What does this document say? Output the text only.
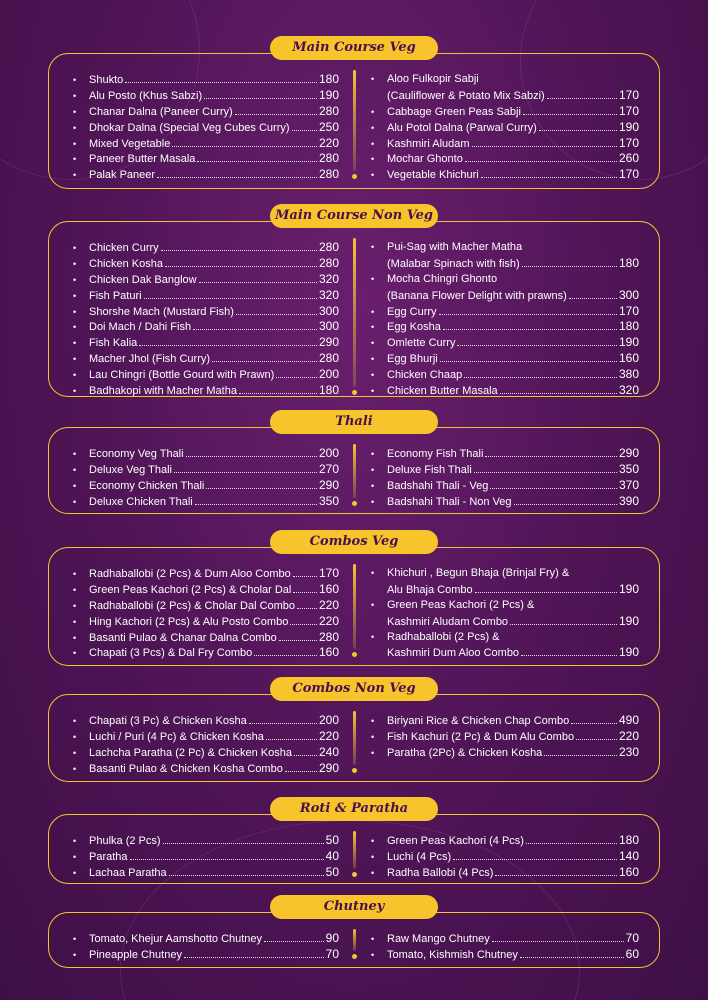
•	Shukto	180
•	Alu Posto (Khus Sabzi)	190
•	Chanar Dalna (Paneer Curry)	280
•	Dhokar Dalna (Special Veg Cubes Curry) 250
•	Mixed Vegetable	220
•	Paneer Butter Masala	280
•	Palak Paneer	280
•	Aloo Fulkopir Sabji
(Cauliflower & Potato Mix Sabzi)	170
•	Cabbage Green Peas Sabji	170
•	Alu Potol Dalna (Parwal Curry)	190
•	Kashmiri Aludam	170
•	Mochar Ghonto	260
•	Vegetable Khichuri	170
•	Chicken Curry	280
•	Chicken Kosha	280
•	Chicken Dak Banglow	320
•	Fish Paturi	320
•	Shorshe Mach (Mustard Fish)	300
•	Doi Mach / Dahi Fish	300
•	Fish Kalia	290
•	Macher Jhol (Fish Curry)	280
•	Lau Chingri (Bottle Gourd with Prawn)	200
•	Badhakopi with Macher Matha	180
•	Pui-Sag with Macher Matha
(Malabar Spinach with fish)	180
•	Mocha Chingri Ghonto
(Banana Flower Delight with prawns)	300
•	Egg Curry	170
•	Egg Kosha	180
•	Omlette Curry	190
•	Egg Bhurji	160
•	Chicken Chaap	380
•	Chicken Butter Masala	320
•	Economy Veg Thali	200
•	Deluxe Veg Thali	270
•	Economy Chicken Thali	290
•	Deluxe Chicken Thali	350
•	Economy Fish Thali	290
•	Deluxe Fish Thali	350
•	Badshahi Thali - Veg	370
•	Badshahi Thali - Non Veg	390
•	Radhaballobi (2 Pcs) & Dum Aloo Combo 170
•	Green Peas Kachori (2 Pcs) & Cholar Dal 160
•	Radhaballobi (2 Pcs) & Cholar Dal Combo 220
•	Hing Kachori (2 Pcs) & Alu Posto Combo	220
•	Basanti Pulao & Chanar Dalna Combo	280
•	Chapati (3 Pcs) & Dal Fry Combo	160
•	Khichuri , Begun Bhaja (Brinjal Fry) &
Alu Bhaja Combo	190
•	Green Peas Kachori (2 Pcs) &
Kashmiri Aludam Combo	190
•	Radhaballobi (2 Pcs) &
Kashmiri Dum Aloo Combo	190
•	Chapati (3 Pc) & Chicken Kosha	200
•	Luchi / Puri (4 Pc) & Chicken Kosha	220
•	Lachcha Paratha (2 Pc) & Chicken Kosha 240
•	Basanti Pulao & Chicken Kosha Combo	290
•	Biriyani Rice & Chicken Chap Combo	490
•	Fish Kachuri (2 Pc) & Dum Alu Combo	220
•	Paratha (2Pc) & Chicken Kosha	230
•	Phulka (2 Pcs)	50
•	Paratha	40
•	Lachaa Paratha	50
•	Green Peas Kachori (4 Pcs)	180
•	Luchi (4 Pcs)	140
•	Radha Ballobi (4 Pcs)	160
•	Tomato, Khejur Aamshotto Chutney	90
•	Pineapple Chutney	70
•	Raw Mango Chutney	70
•	Tomato, Kishmish Chutney	60
Main Course Veg
Main Course Non Veg
Thali
Combos Veg
Combos Non Veg
Roti & Paratha
Chutney
